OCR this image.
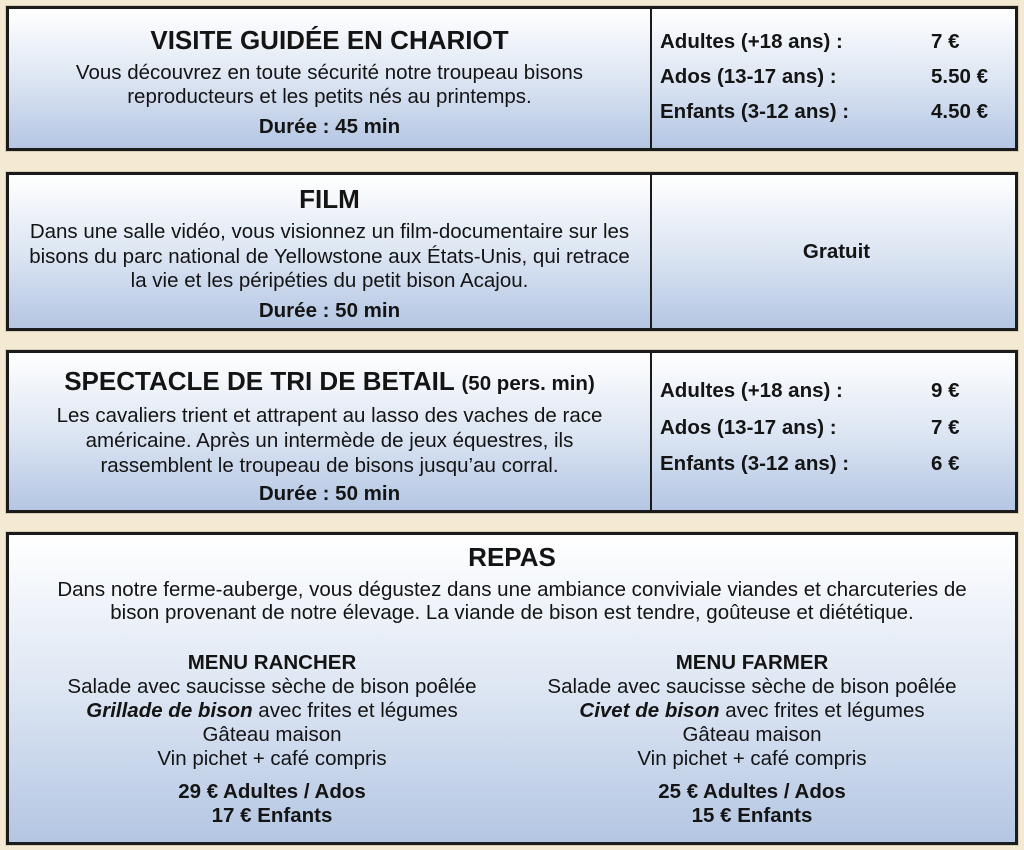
VISITE GUIDÉE EN CHARIOT
Vous découvrez en toute sécurité notre troupeau bisons
reproducteurs et les petits nés au printemps.
Durée : 45 min
Adultes (+18 ans) :	7 €
Ados (13-17 ans) :	5.50 €
Enfants (3-12 ans) :	4.50 €
FILM
Dans une salle vidéo, vous visionnez un film-documentaire sur les
bisons du parc national de Yellowstone aux États-Unis, qui retrace
la vie et les péripéties du petit bison Acajou.
Durée : 50 min
Gratuit
SPECTACLE DE TRI DE BETAIL (50 pers. min)
Les cavaliers trient et attrapent au lasso des vaches de race
américaine. Après un intermède de jeux équestres, ils
rassemblent le troupeau de bisons jusqu’au corral.
Durée : 50 min
Adultes (+18 ans) :	9 €
Ados (13-17 ans) :	7 €
Enfants (3-12 ans) :	6 €
REPAS
Dans notre ferme-auberge, vous dégustez dans une ambiance conviviale viandes et charcuteries de
bison provenant de notre élevage. La viande de bison est tendre, goûteuse et diététique.
MENU RANCHER
Salade avec saucisse sèche de bison poêlée
Grillade de bison avec frites et légumes
Gâteau maison
Vin pichet + café compris
29 € Adultes / Ados
17 € Enfants
MENU FARMER
Salade avec saucisse sèche de bison poêlée
Civet de bison avec frites et légumes
Gâteau maison
Vin pichet + café compris
25 € Adultes / Ados
15 € Enfants
